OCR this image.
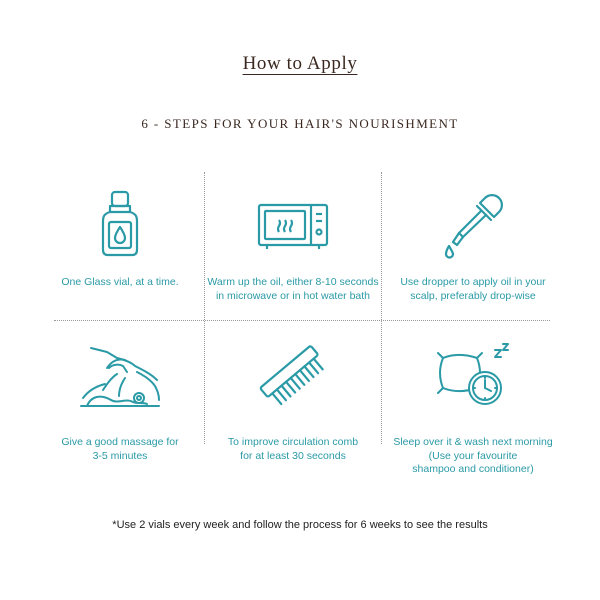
How to Apply
6 - STEPS FOR YOUR HAIR'S NOURISHMENT
One Glass vial, at a time.	Warm up the oil, either 8-10 seconds
in microwave or in hot water bath
Use dropper to apply oil in your
scalp, preferably drop-wise
Give a good massage for
3-5 minutes
To improve circulation comb
for at least 30 seconds
Sleep over it & wash next morning
(Use your favourite
shampoo and conditioner)
*Use 2 vials every week and follow the process for 6 weeks to see the results
